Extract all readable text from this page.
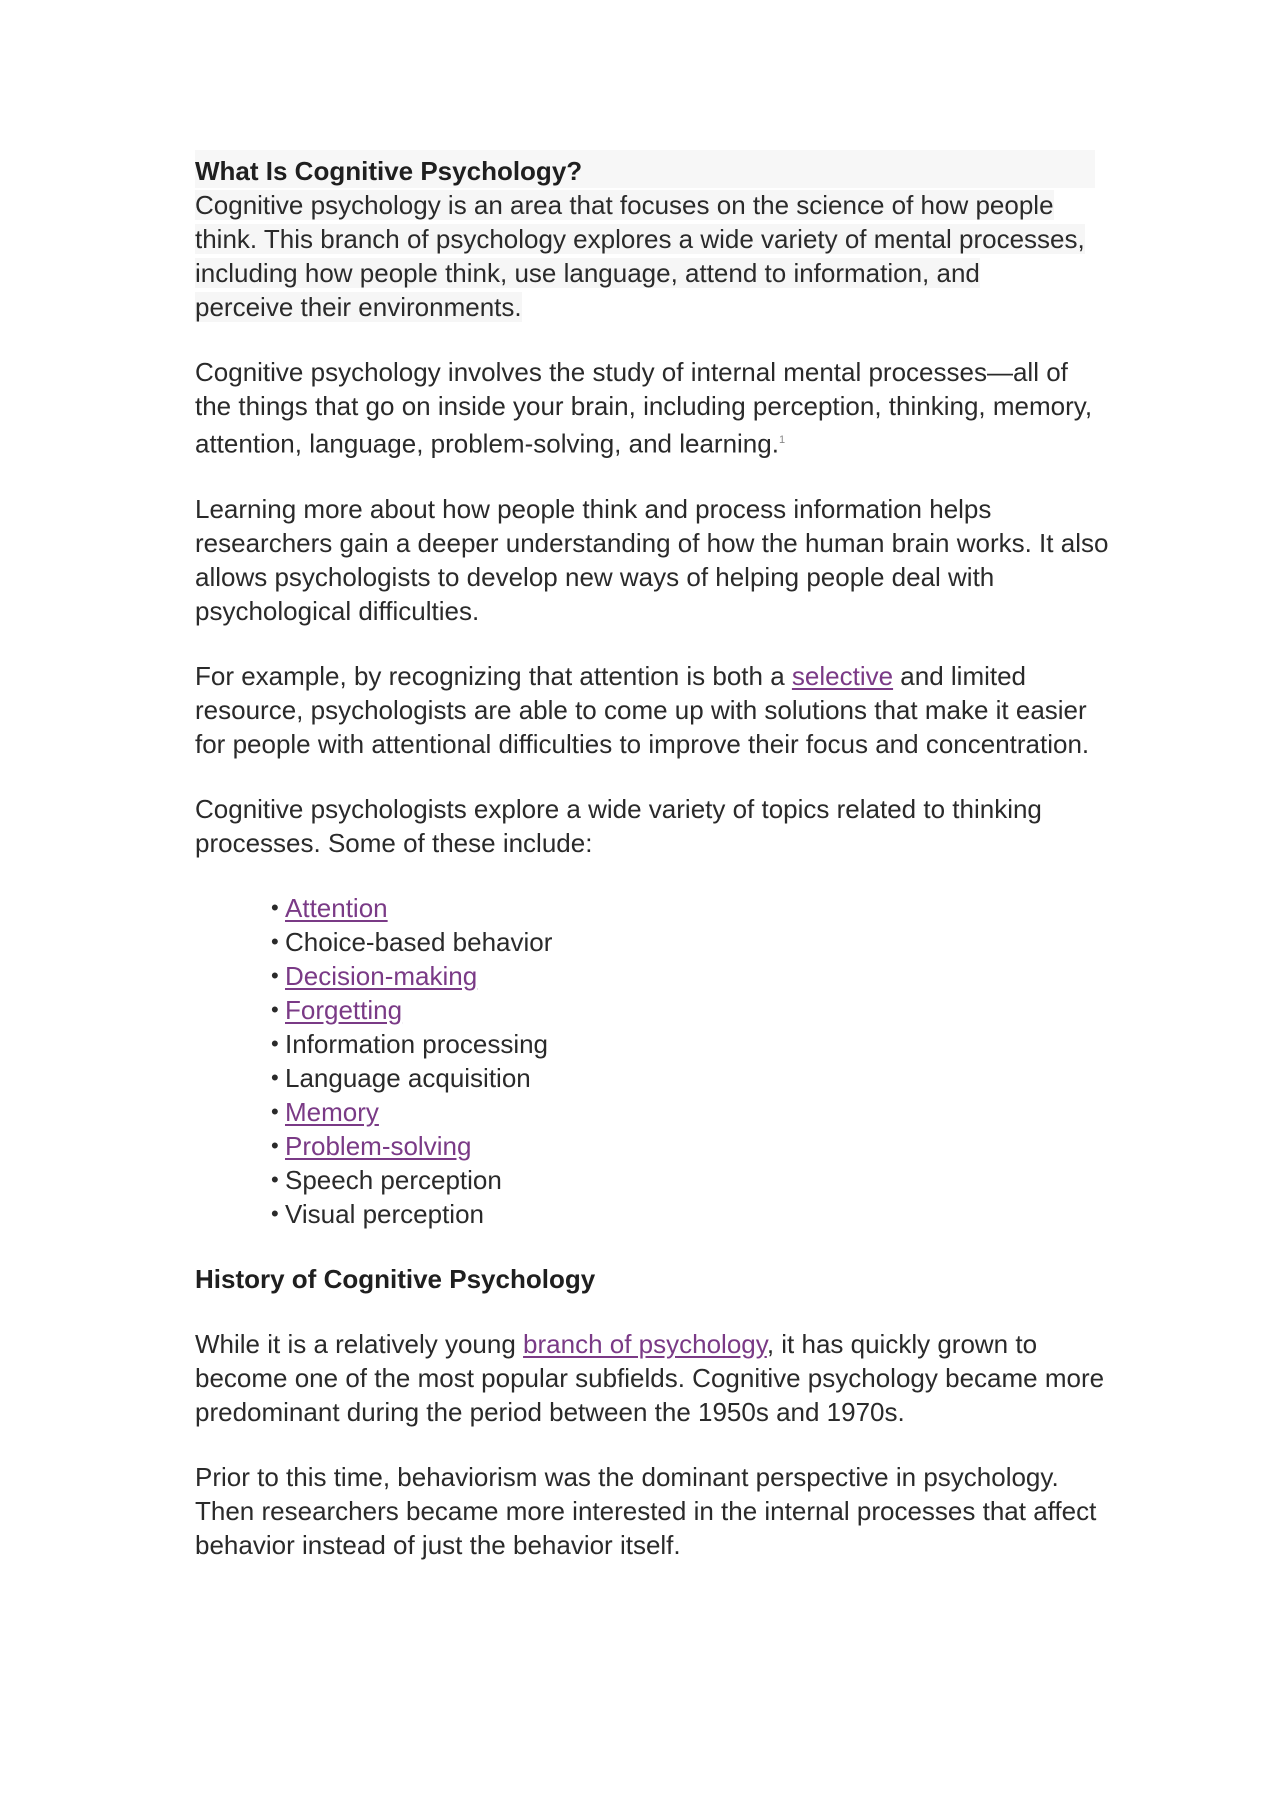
What Is Cognitive Psychology?

Cognitive psychology is an area that focuses on the science of how people
think. This branch of psychology explores a wide variety of mental processes,
including how people think, use language, attend to information, and
perceive their environments.

Cognitive psychology involves the study of internal mental processes—all of the things that go on inside your brain, including perception, thinking, memory, attention, language, problem-solving, and learning.$^1$

Learning more about how people think and process information helps researchers gain a deeper understanding of how the human brain works. It also allows psychologists to develop new ways of helping people deal with psychological difficulties.

For example, by recognizing that attention is both a selective and limited resource, psychologists are able to come up with solutions that make it easier for people with attentional difficulties to improve their focus and concentration.

Cognitive psychologists explore a wide variety of topics related to thinking processes. Some of these include:

• Attention
• Choice-based behavior
• Decision-making
• Forgetting
• Information processing
• Language acquisition
• Memory
• Problem-solving
• Speech perception
• Visual perception
History of Cognitive Psychology

While it is a relatively young branch of psychology, it has quickly grown to become one of the most popular subfields. Cognitive psychology became more predominant during the period between the 1950s and 1970s.

Prior to this time, behaviorism was the dominant perspective in psychology. Then researchers became more interested in the internal processes that affect behavior instead of just the behavior itself.
